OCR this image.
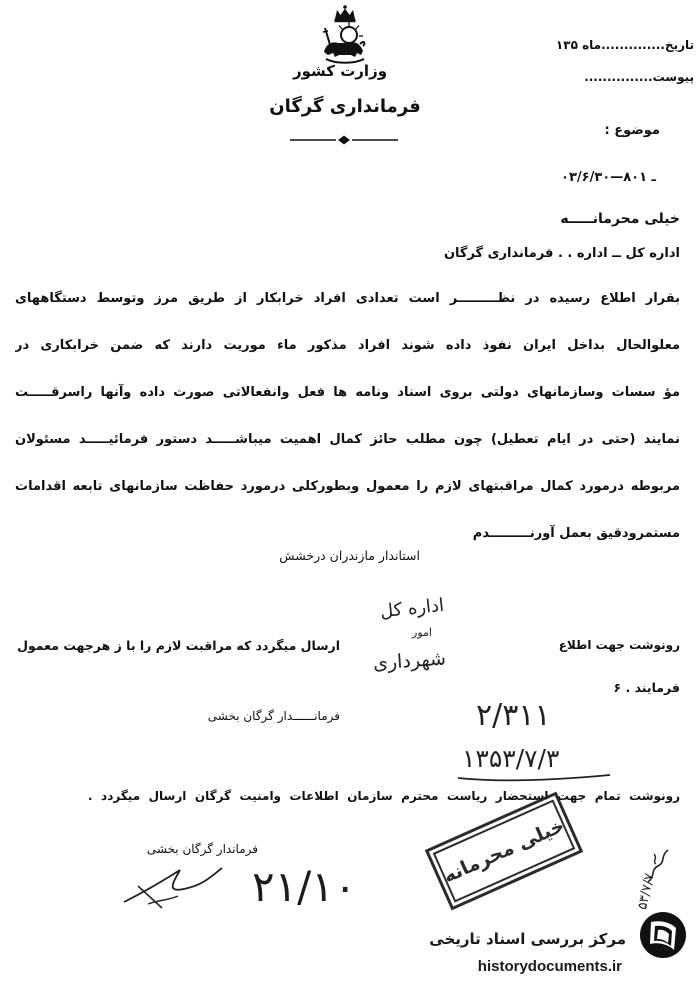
تاریخ..............ماه ۱۳۵
پیوست...............
وزارت کشور
فرمانداری گرگان
موضوع :
۰۳/۶/۳۰—۸۰۱ ـ
خیلی محرمانـــــه
اداره کل ــ اداره . . فرمانداری گرگان
بقرار اطلاع رسیده در نظـــــــــر است تعدادی افراد خرابکار از طریق مرز وتوسط دستگاههای
معلوالحال بداخل ایران نفوذ داده شوند افراد مذکور ماء موریت دارند که ضمن خرابکاری در
مؤ سسات وسازمانهای دولتی بروی اسناد ونامه ها فعل وانفعالاتی صورت داده وآنها راسرقـــــت
نمایند (حتی در ایام تعطیل) چون مطلب حائز کمال اهمیت میباشـــــد دستور فرمائیـــــد مسئولان
مربوطه درمورد کمال مراقبتهای لازم را معمول وبطورکلی درمورد حفاظت سازمانهای تابعه اقدامات
مستمرودقیق بعمل آورنـــــــــدم
استاندار مازندران درخشش
اداره کل
امور
شهرداری
رونوشت جهت اطلاع
ارسال میگردد که مراقبت لازم را با ز هرجهت معمول
فرمایند . ۶
فرمانــــــدار گرگان بخشی	۲/۳۱۱
۱۳۵۳/۷/۳
رونوشت تمام جهت استحضار ریاست محترم سازمان اطلاعات وامنیت گرگان ارسال میگردد .
خیلی محرمانه
فرماندار گرگان بخشی
۲۱/۱۰	۵۳/۷/۷
مرکز بررسی اسناد تاریخی
historydocuments.ir
